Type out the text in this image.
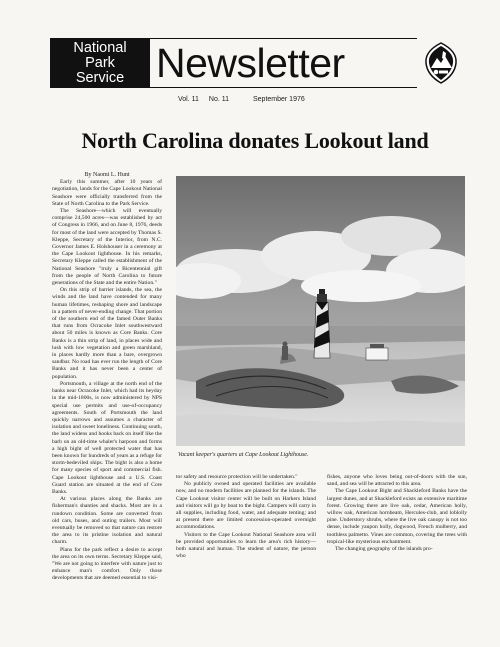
National
Park
Service Newsletter
Vol. 11 No. 11	September 1976
North Carolina donates Lookout land

By Naomi L. Hunt

Early this summer, after 10 years of negotiation, lands for the Cape Lookout National Seashore were officially transferred from the State of North Carolina to the Park Service.

The Seashore—which will eventually comprise 24,500 acres—was established by act of Congress in 1966, and on June 8, 1976, deeds for most of the land were accepted by Thomas S. Kleppe, Secretary of the Interior, from N.C. Governor James E. Holshouser in a ceremony at the Cape Lookout lighthouse. In his remarks, Secretary Kleppe called the establishment of the National Seashore "truly a Bicentennial gift from the people of North Carolina to future generations of the State and the entire Nation."

On this strip of barrier islands, the sea, the winds and the land have contended for many human lifetimes, reshaping shore and landscape in a pattern of never-ending change. That portion of the southern end of the famed Outer Banks that runs from Ocracoke Inlet southwestward about 50 miles is known as Core Banks. Core Banks is a thin strip of land, in places wide and lush with low vegetation and green marshland, in places hardly more than a bare, overgrown sandbar. No road has ever run the length of Core Banks and it has never been a center of population.

Portsmouth, a village at the north end of the banks near Ocracoke Inlet, which had its heyday in the mid-1800s, is now administered by NPS special use permits and use-of-occupancy agreements. South of Portsmouth the land quickly narrows and assumes a character of isolation and sweet loneliness. Continuing south, the land widens and hooks back on itself like the barb on an old-time whaler's harpoon and forms a high bight of well protected water that has been known for hundreds of years as a refuge for storm-bedeviled ships. The bight is also a home for many species of sport and commercial fish. Cape Lookout lighthouse and a U.S. Coast Guard station are situated at the end of Core Banks.

At various places along the Banks are fisherman's shanties and shacks. Most are in a rundown condition. Some are converted from old cars, buses, and outing trailers. Most will eventually be removed so that nature can restore the area to its pristine isolation and natural charm.

Plans for the park reflect a desire to accept the area on its own terms. Secretary Kleppe said, "We are not going to interfere with nature just to enhance man's comfort. Only those developments that are deemed essential to visi-

Vacant keeper's quarters at Cape Lookout Lighthouse.

tor safety and resource protection will be undertaken."

No publicly owned and operated facilities are available now, and no modern facilities are planned for the islands. The Cape Lookout visitor center will be built on Harkers Island and visitors will go by boat to the bight. Campers will carry in all supplies, including food, water, and adequate tenting; and at present there are limited concession-operated overnight accommodations.

Visitors to the Cape Lookout National Seashore area will be provided opportunities to learn the area's rich history—both natural and human. The student of nature, the person who

fishes, anyone who loves being out-of-doors with the sun, sand, and sea will be attracted to this area.

The Cape Lookout Bight and Shackleford Banks have the largest dunes, and at Shackleford exists an extensive maritime forest. Growing there are live oak, cedar, American holly, willow oak, American hornbeam, Hercules-club, and loblolly pine. Understory shrubs, where the live oak canopy is not too dense, include yaupon holly, dogwood, French mulberry, and toothless palmetto. Vines are common, covering the trees with tropical-like mysterious enchantment.

The changing geography of the islands pro-
